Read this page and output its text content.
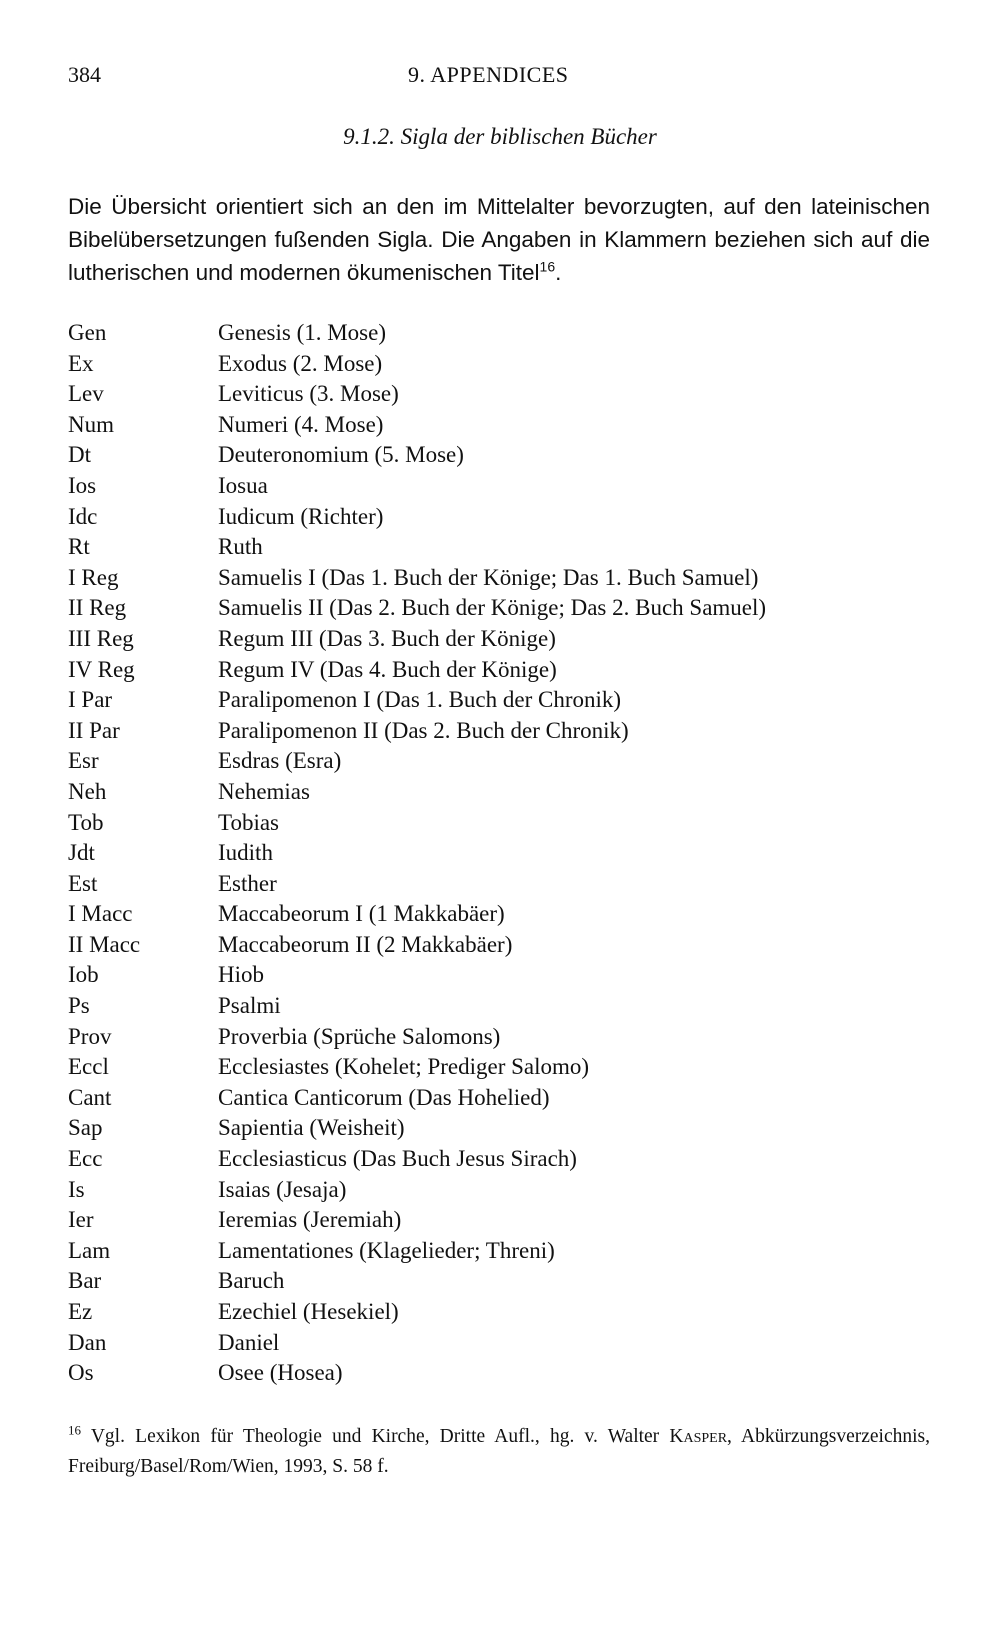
384	9. APPENDICES
9.1.2. Sigla der biblischen Bücher

Die Übersicht orientiert sich an den im Mittelalter bevorzugten, auf den lateinischen Bibelübersetzungen fußenden Sigla. Die Angaben in Klammern beziehen sich auf die lutherischen und modernen ökumenischen Titel$^{16}$.

Gen	Genesis (1. Mose)
Ex	Exodus (2. Mose)
Lev	Leviticus (3. Mose)
Num	Numeri (4. Mose)
Dt	Deuteronomium (5. Mose)
Ios	Iosua
Idc	Iudicum (Richter)
Rt	Ruth
I Reg	Samuelis I (Das 1. Buch der Könige; Das 1. Buch Samuel)
II Reg	Samuelis II (Das 2. Buch der Könige; Das 2. Buch Samuel)
III Reg	Regum III (Das 3. Buch der Könige)
IV Reg	Regum IV (Das 4. Buch der Könige)
I Par	Paralipomenon I (Das 1. Buch der Chronik)
II Par	Paralipomenon II (Das 2. Buch der Chronik)
Esr	Esdras (Esra)
Neh	Nehemias
Tob	Tobias
Jdt	Iudith
Est	Esther
I Macc	Maccabeorum I (1 Makkabäer)
II Macc	Maccabeorum II (2 Makkabäer)
Iob	Hiob
Ps	Psalmi
Prov	Proverbia (Sprüche Salomons)
Eccl	Ecclesiastes (Kohelet; Prediger Salomo)
Cant	Cantica Canticorum (Das Hohelied)
Sap	Sapientia (Weisheit)
Ecc	Ecclesiasticus (Das Buch Jesus Sirach)
Is	Isaias (Jesaja)
Ier	Ieremias (Jeremiah)
Lam	Lamentationes (Klagelieder; Threni)
Bar	Baruch
Ez	Ezechiel (Hesekiel)
Dan	Daniel
Os	Osee (Hosea)

$^{16}$ Vgl. Lexikon für Theologie und Kirche, Dritte Aufl., hg. v. Walter Kasper, Abkürzungsverzeichnis, Freiburg/Basel/Rom/Wien, 1993, S. 58 f.
